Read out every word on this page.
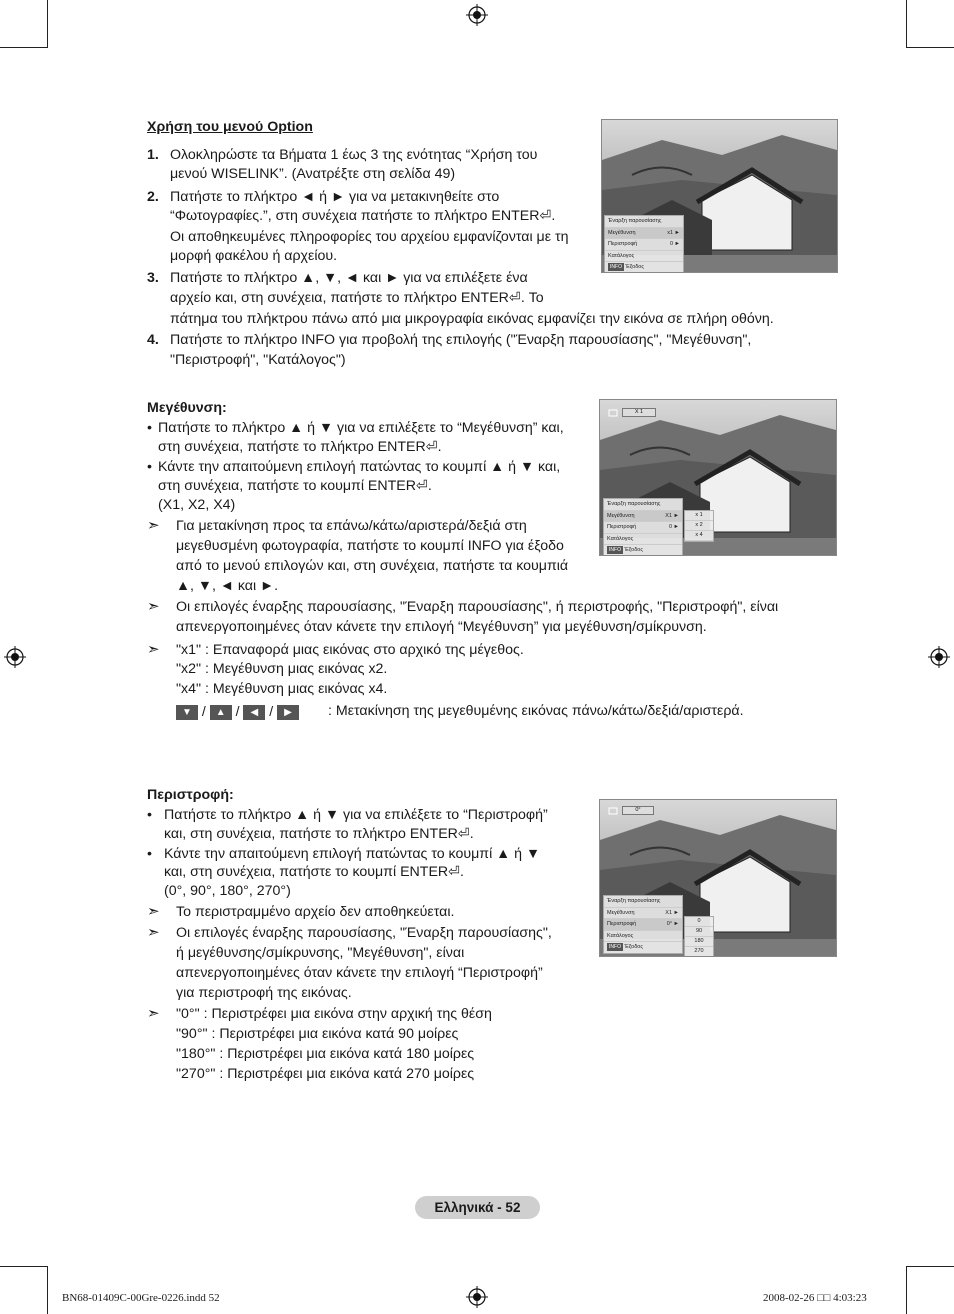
Χρήση του μενού Option
1. Ολοκληρώστε τα Βήματα 1 έως 3 της ενότητας “Χρήση του
μενού WISELINK”. (Ανατρέξτε στη σελίδα 49)
2. Πατήστε το πλήκτρο ◄ ή ► για να μετακινηθείτε στο
“Φωτογραφίες.”, στη συνέχεια πατήστε το πλήκτρο ENTER⏎.
Οι αποθηκευμένες πληροφορίες του αρχείου εμφανίζονται με τη
μορφή φακέλου ή αρχείου.
3. Πατήστε το πλήκτρο ▲, ▼, ◄ και ► για να επιλέξετε ένα
αρχείο και, στη συνέχεια, πατήστε το πλήκτρο ENTER⏎. Το
πάτημα του πλήκτρου πάνω από μια μικρογραφία εικόνας εμφανίζει την εικόνα σε πλήρη οθόνη.
4. Πατήστε το πλήκτρο INFO για προβολή της επιλογής ("Έναρξη παρουσίασης", "Μεγέθυνση",
"Περιστροφή", "Κατάλογος")
Έναρξη παρουσίασης
Μεγέθυνση	x1 ►
Περιστροφή	0 ►
Κατάλογος
INFO Έξοδος
Μεγέθυνση:
• Πατήστε το πλήκτρο ▲ ή ▼ για να επιλέξετε το “Μεγέθυνση” και,
στη συνέχεια, πατήστε το πλήκτρο ENTER⏎.
• Κάντε την απαιτούμενη επιλογή πατώντας το κουμπί ▲ ή ▼ και,
στη συνέχεια, πατήστε το κουμπί ENTER⏎.
(X1, X2, X4)
➣ Για μετακίνηση προς τα επάνω/κάτω/αριστερά/δεξιά στη
μεγεθυσμένη φωτογραφία, πατήστε το κουμπί INFO για έξοδο
από το μενού επιλογών και, στη συνέχεια, πατήστε τα κουμπιά
▲, ▼, ◄ και ►.
➣ Οι επιλογές έναρξης παρουσίασης, "Έναρξη παρουσίασης", ή περιστροφής, "Περιστροφή", είναι
απενεργοποιημένες όταν κάνετε την επιλογή “Μεγέθυνση” για μεγέθυνση/σμίκρυνση.
➣ "x1" : Επαναφορά μιας εικόνας στο αρχικό της μέγεθος.
"x2" : Μεγέθυνση μιας εικόνας x2.
"x4" : Μεγέθυνση μιας εικόνας x4.
▼ / ▲ / ◀ / ▶	: Μετακίνηση της μεγεθυμένης εικόνας πάνω/κάτω/δεξιά/αριστερά.
X 1
Έναρξη παρουσίασης
Μεγέθυνση	X1 ►
Περιστροφή	0 ►
Κατάλογος
INFO Έξοδος
x 1
x 2
x 4
Περιστροφή:
• Πατήστε το πλήκτρο ▲ ή ▼ για να επιλέξετε το “Περιστροφή”
και, στη συνέχεια, πατήστε το πλήκτρο ENTER⏎.
• Κάντε την απαιτούμενη επιλογή πατώντας το κουμπί ▲ ή ▼
και, στη συνέχεια, πατήστε το κουμπί ENTER⏎.
(0°, 90°, 180°, 270°)
➣ Το περιστραμμένο αρχείο δεν αποθηκεύεται.
➣ Οι επιλογές έναρξης παρουσίασης, "Έναρξη παρουσίασης",
ή μεγέθυνσης/σμίκρυνσης, "Μεγέθυνση", είναι
απενεργοποιημένες όταν κάνετε την επιλογή “Περιστροφή”
για περιστροφή της εικόνας.
➣ "0°" : Περιστρέφει μια εικόνα στην αρχική της θέση
"90°" : Περιστρέφει μια εικόνα κατά 90 μοίρες
"180°" : Περιστρέφει μια εικόνα κατά 180 μοίρες
"270°" : Περιστρέφει μια εικόνα κατά 270 μοίρες
0°
Έναρξη παρουσίασης
Μεγέθυνση	X1 ►
Περιστροφή	0° ►
Κατάλογος
INFO Έξοδος
0
90
180
270
Ελληνικά - 52
BN68-01409C-00Gre-0226.indd 52	2008-02-26 □□ 4:03:23
